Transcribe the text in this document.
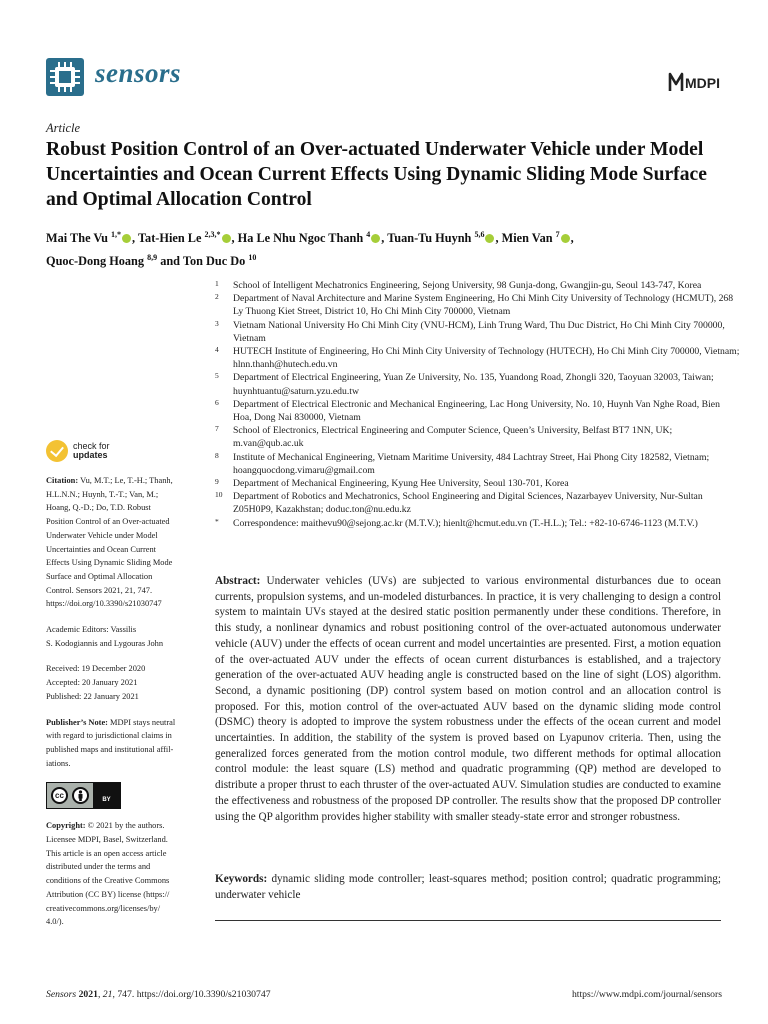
sensors	MDPI
Article
Robust Position Control of an Over-actuated Underwater Vehicle under Model Uncertainties and Ocean Current Effects Using Dynamic Sliding Mode Surface and Optimal Allocation Control
Mai The Vu $^{1,*}$ , Tat-Hien Le $^{2,3,*}$ , Ha Le Nhu Ngoc Thanh $^4$ , Tuan-Tu Huynh $^{5,6}$ , Mien Van $^7$ ,
Quoc-Dong Hoang $^{8,9}$ and Ton Duc Do $^{10}$
1 School of Intelligent Mechatronics Engineering, Sejong University, 98 Gunja-dong, Gwangjin-gu, Seoul 143-747, Korea
2 Department of Naval Architecture and Marine System Engineering, Ho Chi Minh City University of Technology (HCMUT), 268 Ly Thuong Kiet Street, District 10, Ho Chi Minh City 700000, Vietnam
3 Vietnam National University Ho Chi Minh City (VNU-HCM), Linh Trung Ward, Thu Duc District, Ho Chi Minh City 700000, Vietnam
4 HUTECH Institute of Engineering, Ho Chi Minh City University of Technology (HUTECH), Ho Chi Minh City 700000, Vietnam; hlnn.thanh@hutech.edu.vn
5 Department of Electrical Engineering, Yuan Ze University, No. 135, Yuandong Road, Zhongli 320, Taoyuan 32003, Taiwan; huynhtuantu@saturn.yzu.edu.tw
6 Department of Electrical Electronic and Mechanical Engineering, Lac Hong University, No. 10, Huynh Van Nghe Road, Bien Hoa, Dong Nai 830000, Vietnam
7 School of Electronics, Electrical Engineering and Computer Science, Queen’s University, Belfast BT7 1NN, UK; m.van@qub.ac.uk
8 Institute of Mechanical Engineering, Vietnam Maritime University, 484 Lachtray Street, Hai Phong City 182582, Vietnam; hoangquocdong.vimaru@gmail.com
9 Department of Mechanical Engineering, Kyung Hee University, Seoul 130-701, Korea
10 Department of Robotics and Mechatronics, School Engineering and Digital Sciences, Nazarbayev University, Nur-Sultan Z05H0P9, Kazakhstan; doduc.ton@nu.edu.kz
* Correspondence: maithevu90@sejong.ac.kr (M.T.V.); hienlt@hcmut.edu.vn (T.-H.L.); Tel.: +82-10-6746-1123 (M.T.V.)
check for
updates
Citation: Vu, M.T.; Le, T.-H.; Thanh,
H.L.N.N.; Huynh, T.-T.; Van, M.;
Hoang, Q.-D.; Do, T.D. Robust
Position Control of an Over-actuated
Underwater Vehicle under Model
Uncertainties and Ocean Current
Effects Using Dynamic Sliding Mode
Surface and Optimal Allocation
Control. Sensors 2021, 21, 747.
https://doi.org/10.3390/s21030747
Academic Editors: Vassilis
S. Kodogiannis and Lygouras John
Received: 19 December 2020
Accepted: 20 January 2021
Published: 22 January 2021
Publisher’s Note: MDPI stays neutral
with regard to jurisdictional claims in
published maps and institutional affil-
iations.
cc	BY
Copyright: © 2021 by the authors.
Licensee MDPI, Basel, Switzerland.
This article is an open access article
distributed under the terms and
conditions of the Creative Commons
Attribution (CC BY) license (https://
creativecommons.org/licenses/by/
4.0/).
Abstract: Underwater vehicles (UVs) are subjected to various environmental disturbances due to ocean currents, propulsion systems, and un-modeled disturbances. In practice, it is very challenging to design a control system to maintain UVs stayed at the desired static position permanently under these conditions. Therefore, in this study, a nonlinear dynamics and robust positioning control of the over-actuated autonomous underwater vehicle (AUV) under the effects of ocean current and model uncertainties are presented. First, a motion equation of the over-actuated AUV under the effects of ocean current disturbances is established, and a trajectory generation of the over-actuated AUV heading angle is constructed based on the line of sight (LOS) algorithm. Second, a dynamic positioning (DP) control system based on motion control and an allocation control is proposed. For this, motion control of the over-actuated AUV based on the dynamic sliding mode control (DSMC) theory is adopted to improve the system robustness under the effects of the ocean current and model uncertainties. In addition, the stability of the system is proved based on Lyapunov criteria. Then, using the generalized forces generated from the motion control module, two different methods for optimal allocation control module: the least square (LS) method and quadratic programming (QP) method are developed to distribute a proper thrust to each thruster of the over-actuated AUV. Simulation studies are conducted to examine the effectiveness and robustness of the proposed DP controller. The results show that the proposed DP controller using the QP algorithm provides higher stability with smaller steady-state error and stronger robustness.
Keywords: dynamic sliding mode controller; least-squares method; position control; quadratic programming; underwater vehicle
Sensors 2021, 21, 747. https://doi.org/10.3390/s21030747	https://www.mdpi.com/journal/sensors
